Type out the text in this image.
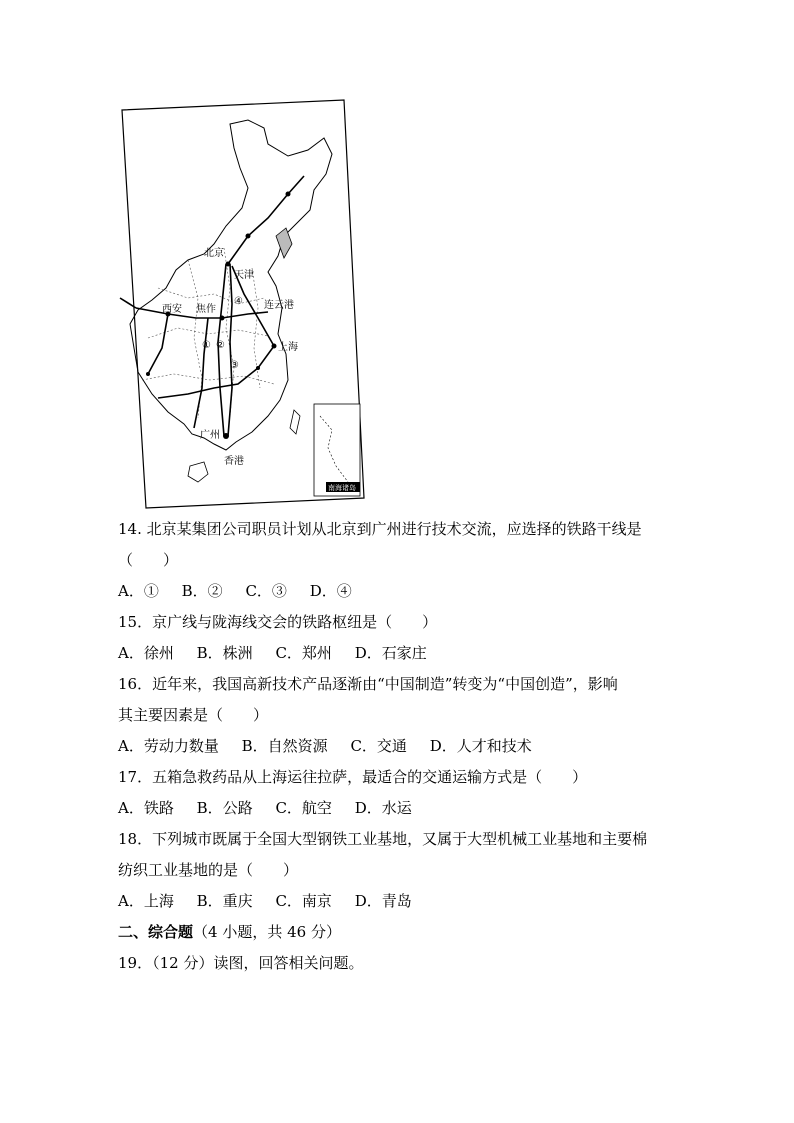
南海诸岛
北京
天津
连云港
西安 焦作
上海
广州
香港
① ②
③
④
14. 北京某集团公司职员计划从北京到广州进行技术交流，应选择的铁路干线是
（　　）
A．① B．② C．③ D．④
15．京广线与陇海线交会的铁路枢纽是（　　）
A．徐州 B．株洲 C．郑州 D．石家庄
16．近年来，我国高新技术产品逐渐由“中国制造”转变为“中国创造”，影响
其主要因素是（　　）
A．劳动力数量 B．自然资源 C．交通 D．人才和技术
17．五箱急救药品从上海运往拉萨，最适合的交通运输方式是（　　）
A．铁路 B．公路 C．航空 D．水运
18．下列城市既属于全国大型钢铁工业基地，又属于大型机械工业基地和主要棉
纺织工业基地的是（　　）
A．上海 B．重庆 C．南京 D．青岛
二、综合题（4 小题，共 46 分）
19．（12 分）读图，回答相关问题。
